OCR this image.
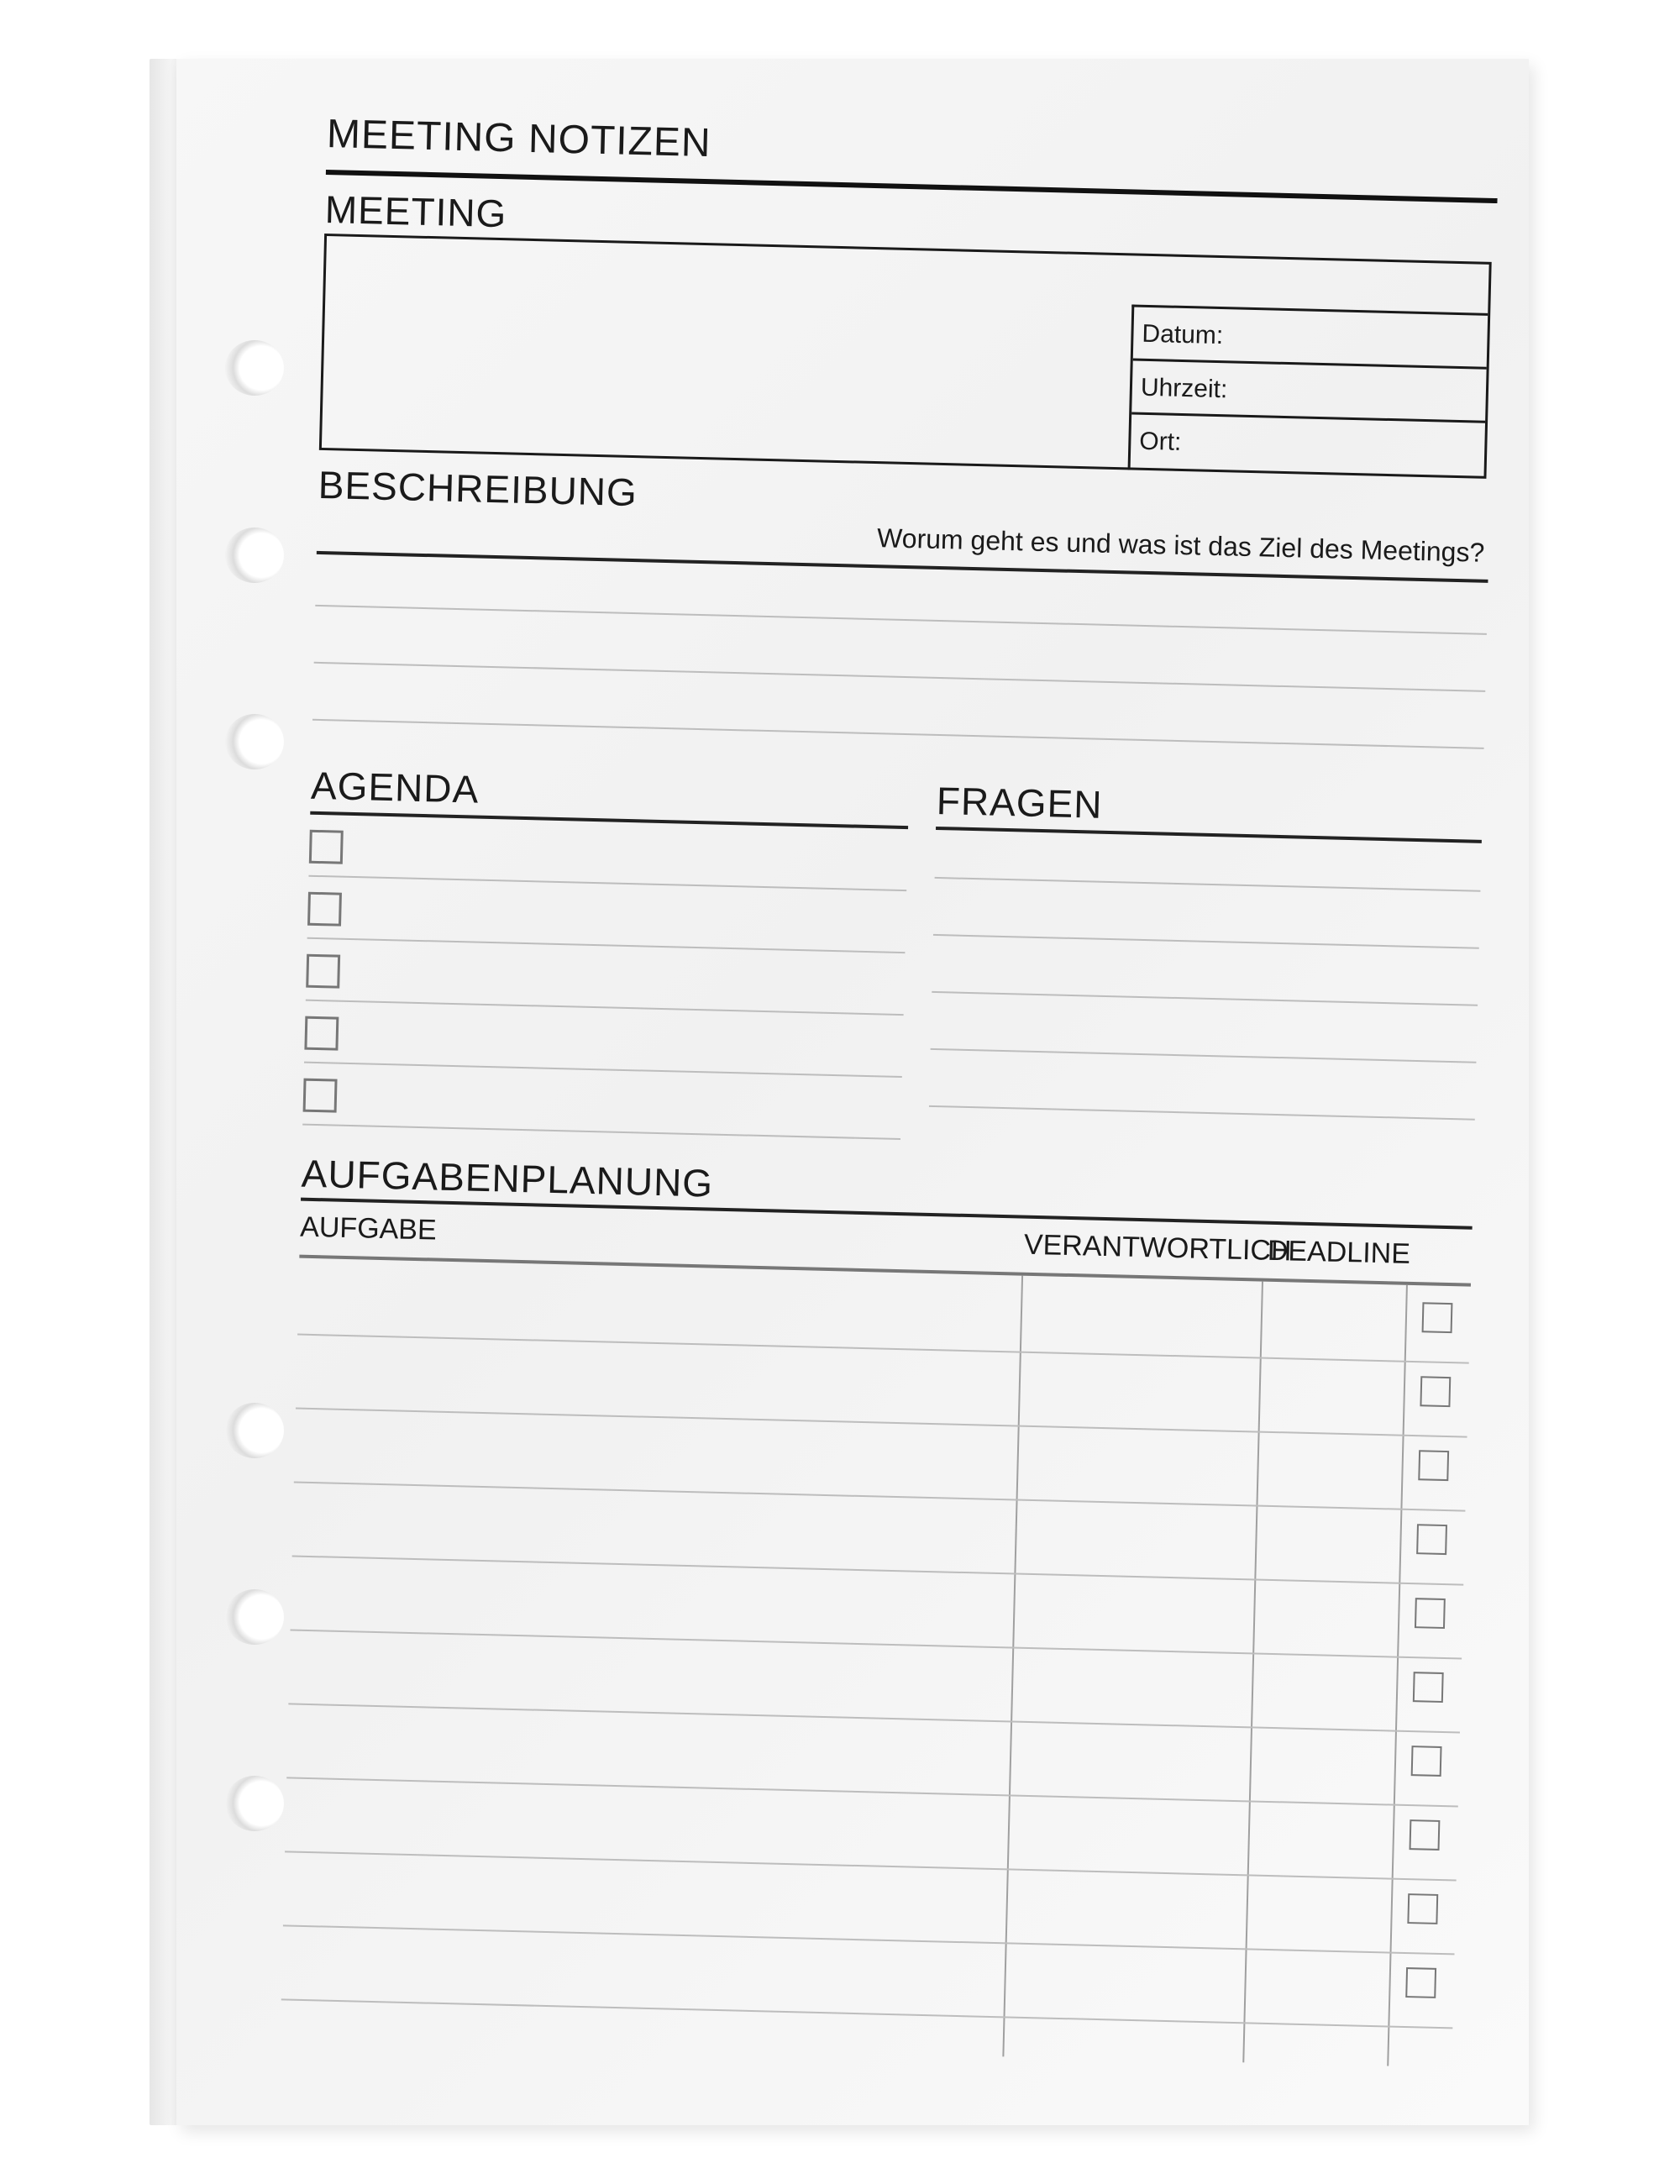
MEETING NOTIZEN
MEETING
Datum:
Uhrzeit:
Ort:
BESCHREIBUNG
Worum geht es und was ist das Ziel des Meetings?
AGENDA	FRAGEN
AUFGABENPLANUNG
AUFGABE
VERANTWORTLICH
DEADLINE
